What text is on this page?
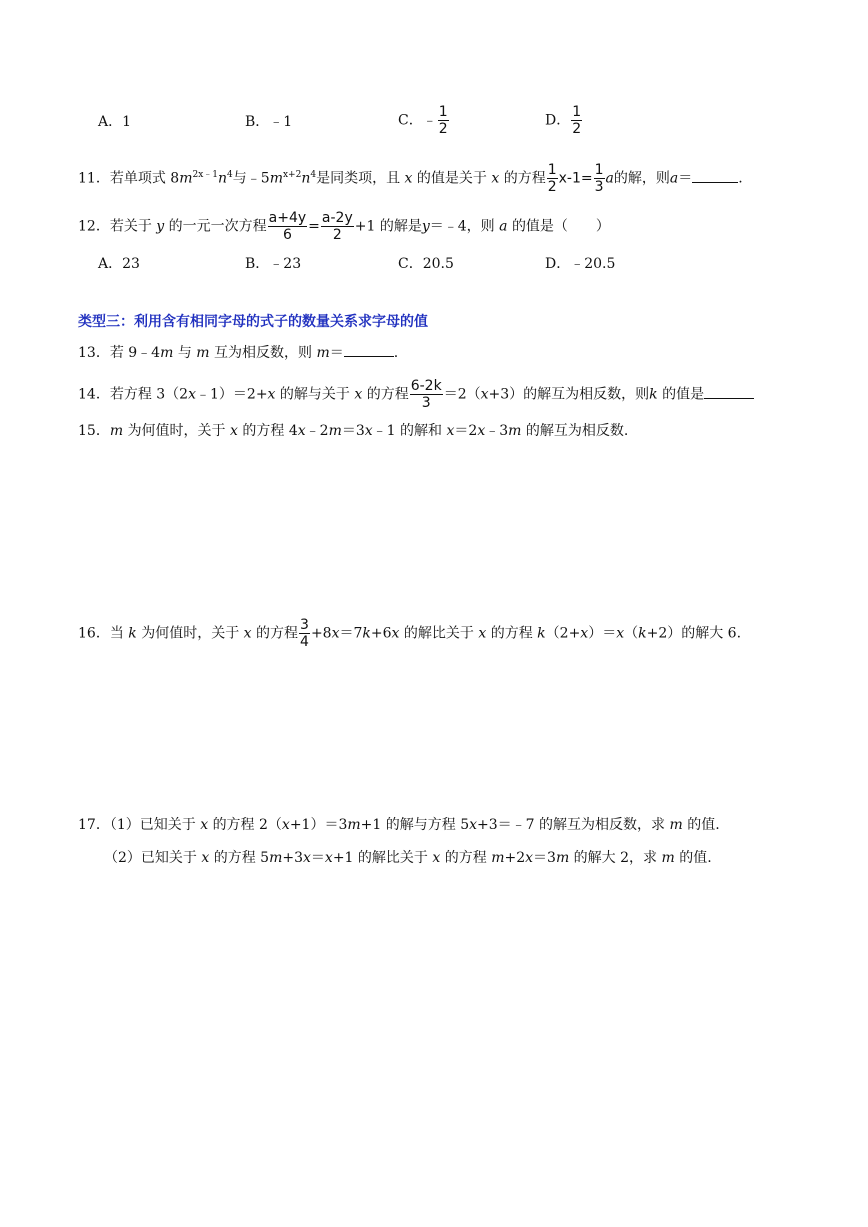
A．1	B．﹣1	C．﹣ $\frac{1}{2}$	D． $\frac{1}{2}$
11．若单项式 $8m^{2x﹣1}n^4$与$﹣5m^{x+2}n^4$是同类项，且 x 的值是关于 x 的方程 $\frac{1}{2} x-1= \frac{1}{3}$ a的解，则a＝	.
12．若关于 y 的一元一次方程 $\frac{a+4y}{6} = \frac{a-2y}{2} +1$ 的解是y＝﹣4，则 a 的值是（　　）
A．23	B．﹣23	C．20.5	D．﹣20.5
类型三：利用含有相同字母的式子的数量关系求字母的值
13．若 9﹣4m 与 m 互为相反数，则 m＝	.
14．若方程 3（2x﹣1）＝2+x 的解与关于 x 的方程 $\frac{6-2k}{3} =2(x+3)$的解互为相反数，则k 的值是
15．m 为何值时，关于 x 的方程 4x﹣2m＝3x﹣1 的解和 x＝2x﹣3m 的解互为相反数.
16．当 k 为何值时，关于 x 的方程 $\frac{3}{4} +8x=7k+6x$ 的解比关于 x 的方程 k（2+x）＝x（k+2）的解大 6.
17．（1）已知关于 x 的方程 2（x+1）＝3m+1 的解与方程 5x+3＝﹣7 的解互为相反数，求 m 的值.
（2）已知关于 x 的方程 5m+3x＝x+1 的解比关于 x 的方程 m+2x＝3m 的解大 2，求 m 的值.
